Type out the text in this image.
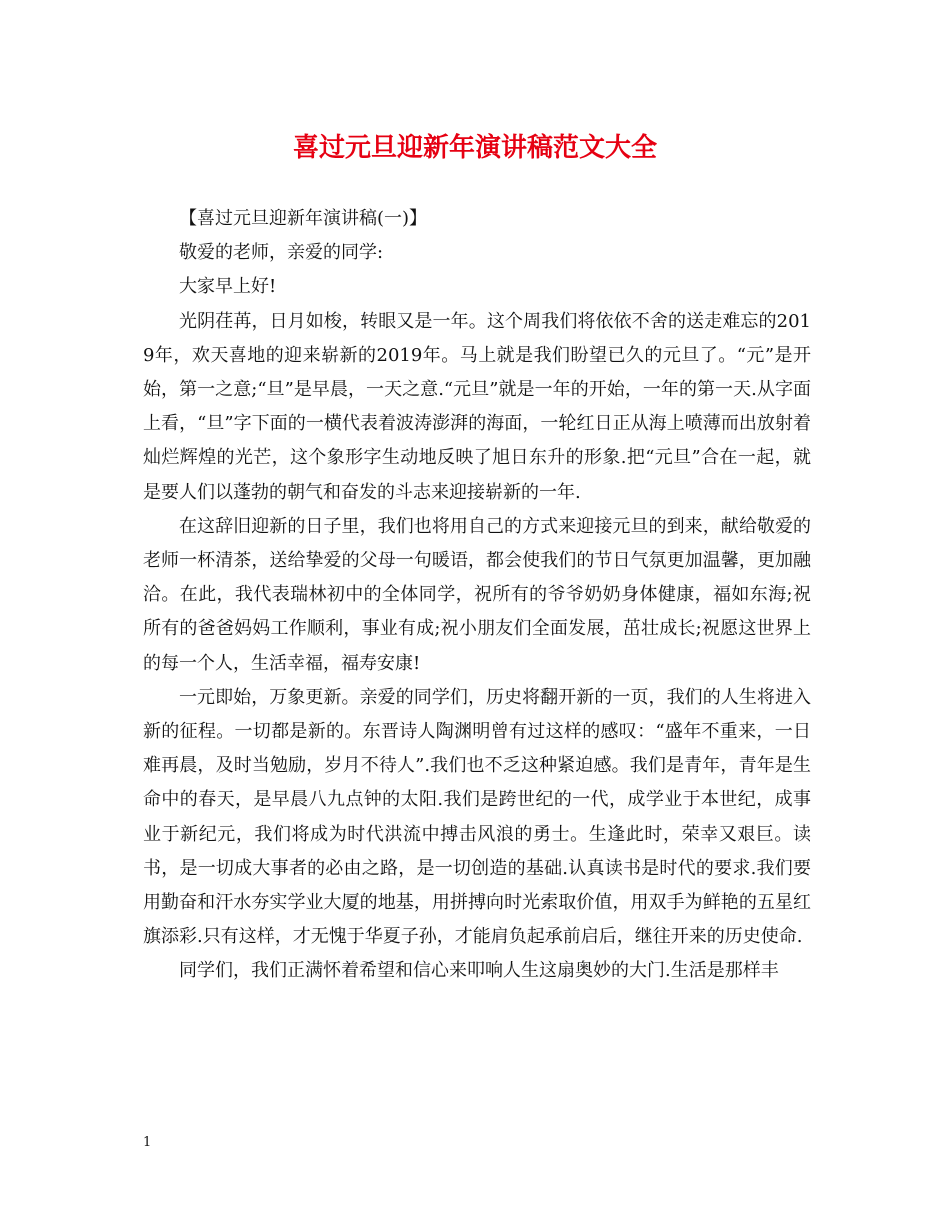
喜过元旦迎新年演讲稿范文大全

【喜过元旦迎新年演讲稿(一)】

敬爱的老师，亲爱的同学:

大家早上好!

光阴荏苒，日月如梭，转眼又是一年。这个周我们将依依不舍的送走难忘的2019年，欢天喜地的迎来崭新的2019年。马上就是我们盼望已久的元旦了。“元”是开始，第一之意;“旦”是早晨，一天之意.“元旦”就是一年的开始，一年的第一天.从字面上看，“旦”字下面的一横代表着波涛澎湃的海面，一轮红日正从海上喷薄而出放射着灿烂辉煌的光芒，这个象形字生动地反映了旭日东升的形象.把“元旦”合在一起，就是要人们以蓬勃的朝气和奋发的斗志来迎接崭新的一年.

在这辞旧迎新的日子里，我们也将用自己的方式来迎接元旦的到来，献给敬爱的老师一杯清茶，送给挚爱的父母一句暖语，都会使我们的节日气氛更加温馨，更加融洽。在此，我代表瑞林初中的全体同学，祝所有的爷爷奶奶身体健康，福如东海;祝所有的爸爸妈妈工作顺利，事业有成;祝小朋友们全面发展，茁壮成长;祝愿这世界上的每一个人，生活幸福，福寿安康!

一元即始，万象更新。亲爱的同学们，历史将翻开新的一页，我们的人生将进入新的征程。一切都是新的。东晋诗人陶渊明曾有过这样的感叹：“盛年不重来，一日难再晨，及时当勉励，岁月不待人”.我们也不乏这种紧迫感。我们是青年，青年是生命中的春天，是早晨八九点钟的太阳.我们是跨世纪的一代，成学业于本世纪，成事业于新纪元，我们将成为时代洪流中搏击风浪的勇士。生逢此时，荣幸又艰巨。读书，是一切成大事者的必由之路，是一切创造的基础.认真读书是时代的要求.我们要用勤奋和汗水夯实学业大厦的地基，用拼搏向时光索取价值，用双手为鲜艳的五星红旗添彩.只有这样，才无愧于华夏子孙，才能肩负起承前启后，继往开来的历史使命.

同学们，我们正满怀着希望和信心来叩响人生这扇奥妙的大门.生活是那样丰

1
